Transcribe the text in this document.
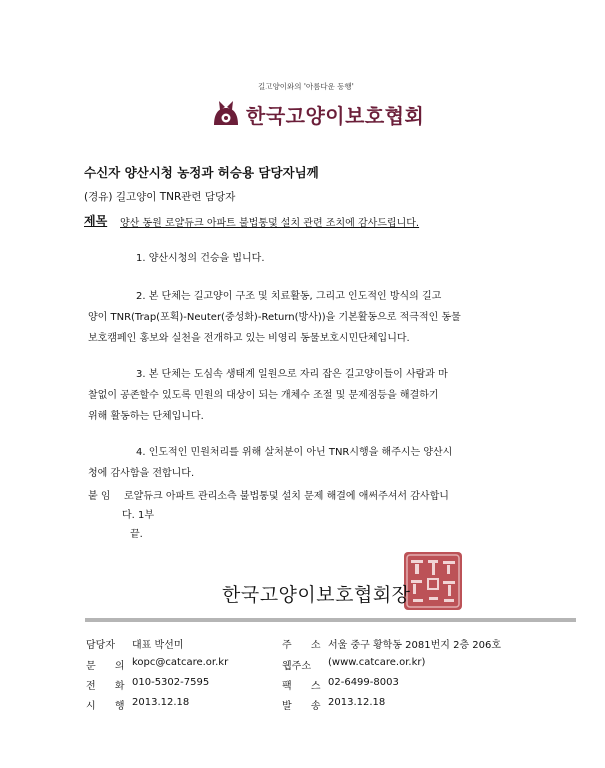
길고양이와의 '아름다운 동행'
한국고양이보호협회
수신자 양산시청 농정과 허승용 담당자님께
(경유) 길고양이 TNR관련 담당자
제목 양산 동원 로얄듀크 아파트 불법통덫 설치 관련 조치에 감사드립니다.
1. 양산시청의 건승을 빕니다.
2. 본 단체는 길고양이 구조 및 치료활동, 그리고 인도적인 방식의 길고
양이 TNR(Trap(포획)-Neuter(중성화)-Return(방사))을 기본활동으로 적극적인 동물
보호캠페인 홍보와 실천을 전개하고 있는 비영리 동물보호시민단체입니다.
3. 본 단체는 도심속 생태계 일원으로 자리 잡은 길고양이들이 사람과 마
찰없이 공존할수 있도록 민원의 대상이 되는 개체수 조절 및 문제점등을 해결하기
위해 활동하는 단체입니다.
4. 인도적인 민원처리를 위해 살처분이 아닌 TNR시행을 해주시는 양산시
청에 감사함을 전합니다.
붙 임 로얄듀크 아파트 관리소측 불법통덫 설치 문제 해결에 애써주셔서 감사합니
다. 1부
끝.
한국고양이보호협회장
담당자 대표 박선미	주 소 서울 중구 황학동 2081번지 2층 206호
문 의 kopc@catcare.or.kr	웹주소 (www.catcare.or.kr)
전 화 010-5302-7595	팩 스 02-6499-8003
시 행 2013.12.18	발 송 2013.12.18
